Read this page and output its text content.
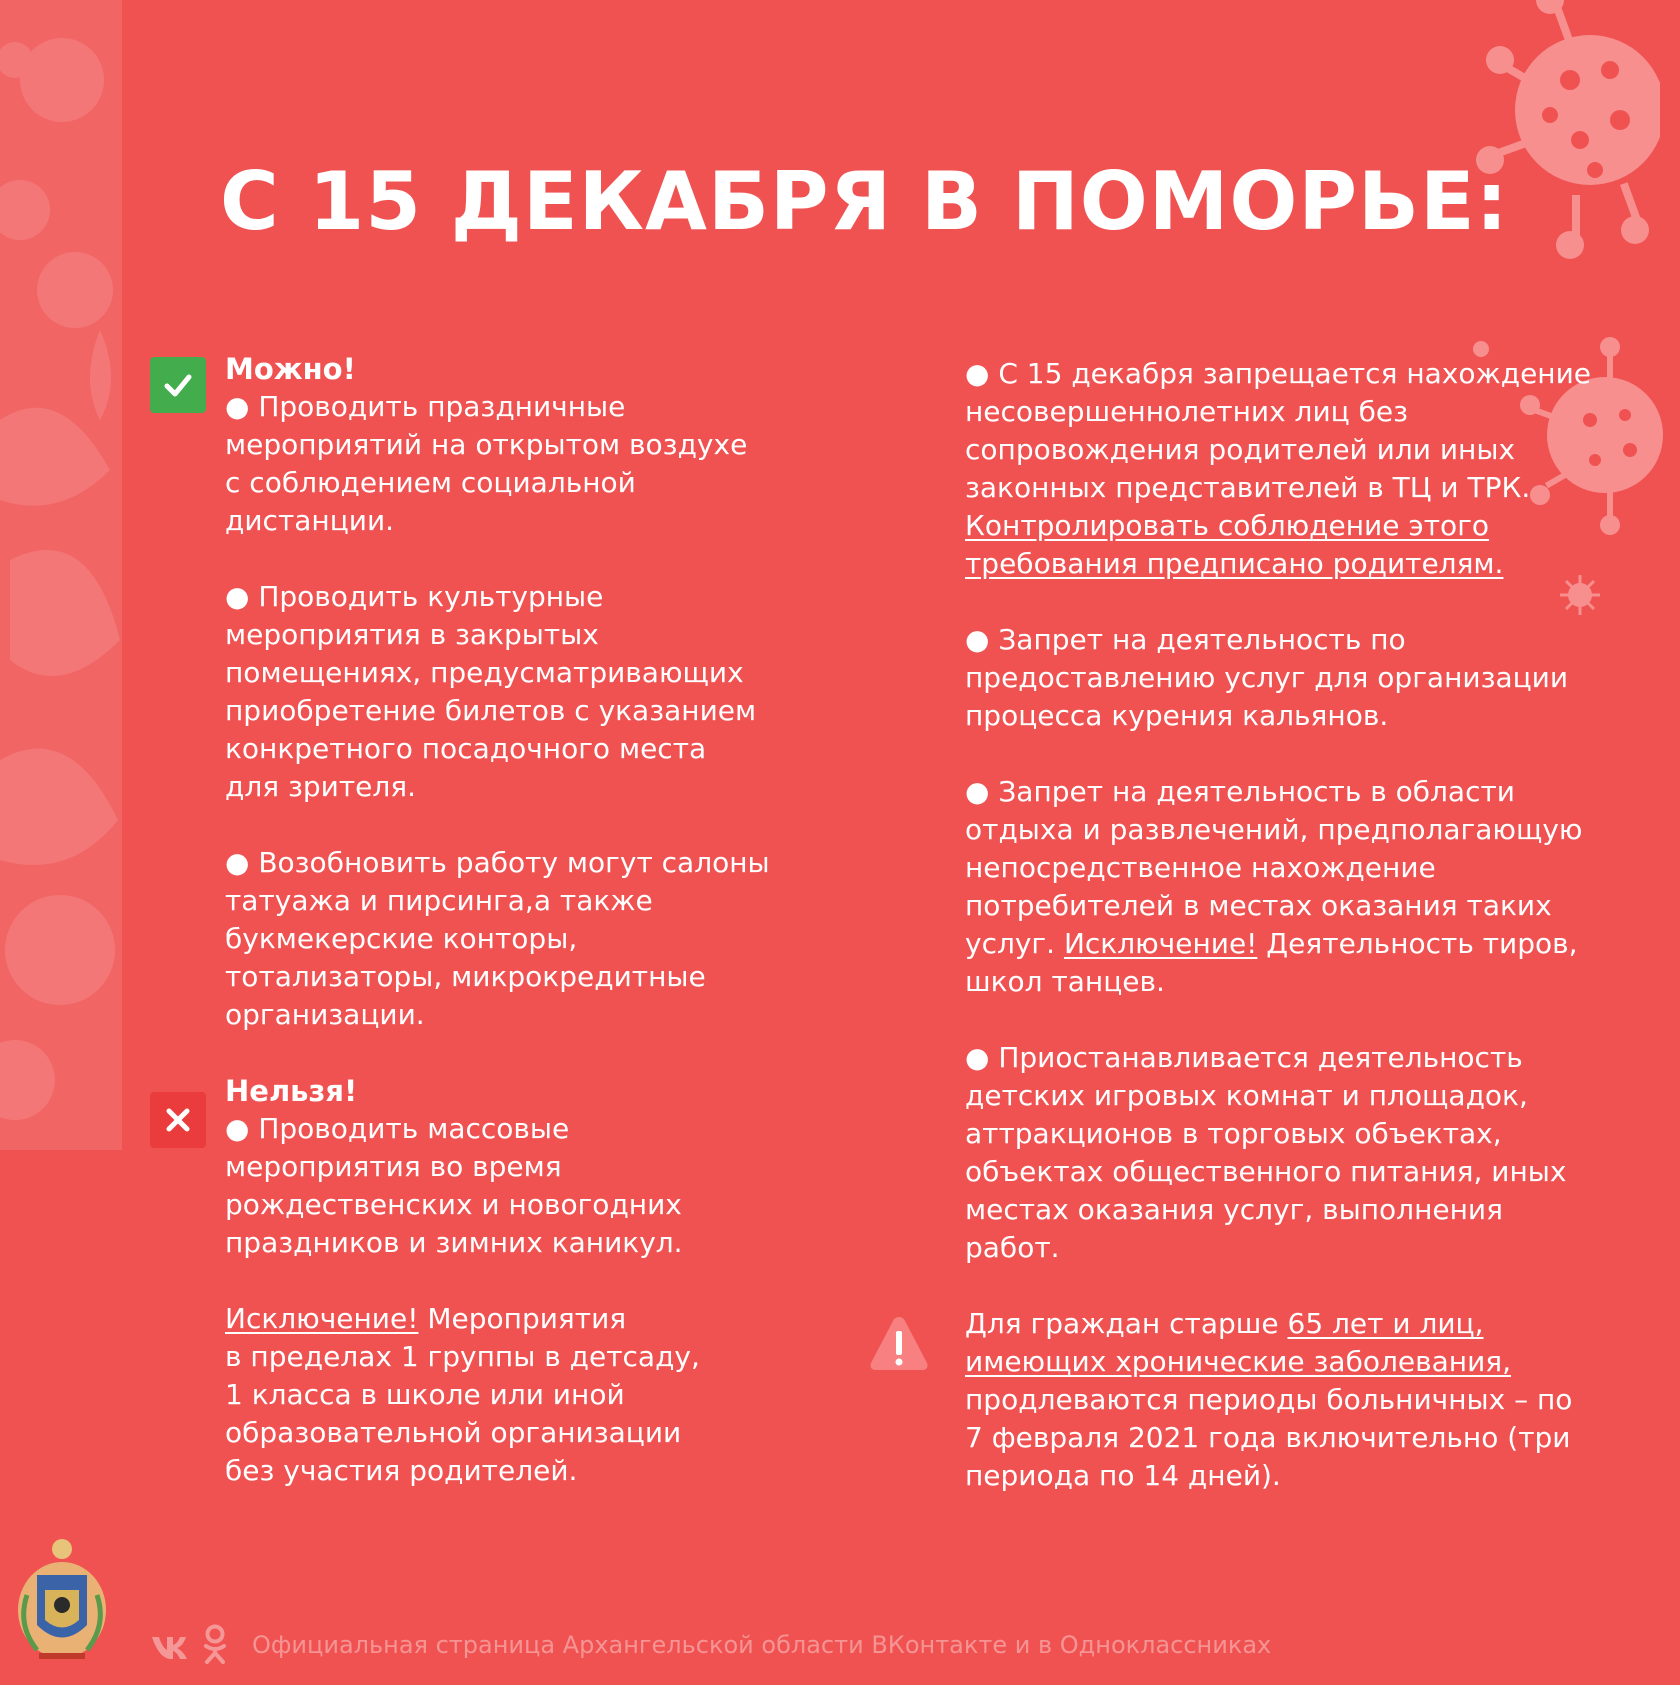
С 15 ДЕКАБРЯ В ПОМОРЬЕ:
Можно!
● Проводить праздничные
мероприятий на открытом воздухе
с соблюдением социальной
дистанции.
● Проводить культурные
мероприятия в закрытых
помещениях, предусматривающих
приобретение билетов с указанием
конкретного посадочного места
для зрителя.
● Возобновить работу могут салоны
татуажа и пирсинга,а также
букмекерские конторы,
тотализаторы, микрокредитные
организации.
Нельзя!
● Проводить массовые
мероприятия во время
рождественских и новогодних
праздников и зимних каникул.
Исключение! Мероприятия
в пределах 1 группы в детсаду,
1 класса в школе или иной
образовательной организации
без участия родителей.
● С 15 декабря запрещается нахождение
несовершеннолетних лиц без
сопровождения родителей или иных
законных представителей в ТЦ и ТРК.
Контролировать соблюдение этого
требования предписано родителям.
● Запрет на деятельность по
предоставлению услуг для организации
процесса курения кальянов.
● Запрет на деятельность в области
отдыха и развлечений, предполагающую
непосредственное нахождение
потребителей в местах оказания таких
услуг. Исключение! Деятельность тиров,
школ танцев.
● Приостанавливается деятельность
детских игровых комнат и площадок,
аттракционов в торговых объектах,
объектах общественного питания, иных
местах оказания услуг, выполнения
работ.
Для граждан старше 65 лет и лиц,
имеющих хронические заболевания,
продлеваются периоды больничных – по
7 февраля 2021 года включительно (три
периода по 14 дней).
Официальная страница Архангельской области ВКонтакте и в Одноклассниках
